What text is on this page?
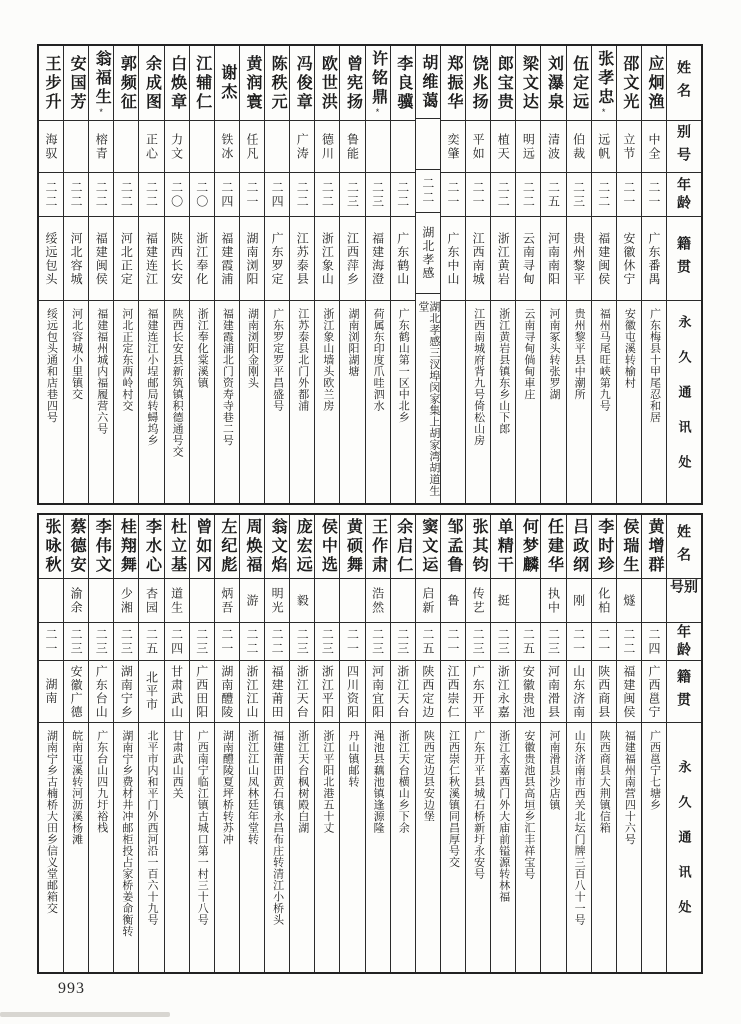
姓名
别号
年龄
籍贯
永久通讯处
应炯渔
中全
二一
广东番禺
广东梅县十甲尾忍和居
邵文光
立节
二一
安徽休宁
安徽屯溪转榆村
张孝忠*
远帆
二二
福建闽侯
福州马尾旺峡第九号
伍定远
伯裁
二三
贵州黎平
贵州黎平县中潮所
刘瀑泉
清波
二五
河南南阳
河南冢头转张罗湖
梁文达
明远
二二
云南寻甸
云南寻甸倘甸車庄
郎宝贵
植天
二二
浙江黄岩
浙江黄岩县镇东乡山下郎
饶兆扬
平如
二一
江西南城
江西南城府背九号倚松山房
郑振华
奕肇
二一
广东中山
胡维蔼
二二
湖北孝感
湖北孝感三汊埠闵家集上胡家湾胡道生堂
李良骥
二二
广东鹤山
广东鹤山第一区中北乡
许铭鼎*
二三
福建海澄
荷属东印度爪哇泗水
曾宪扬
鲁能
二三
江西萍乡
湖南浏阳湖塘
欧世洪
德川
二二
浙江象山
浙江象山墙头欧兰房
冯俊章
广涛
二二
江苏泰县
江苏泰县北门外都浦
陈秩元
二四
广东罗定
广东罗定罗平昌盛号
黄润寰
任凡
二一
湖南浏阳
湖南浏阳金刚头
谢杰
铁冰
二四
福建霞浦
福建霞浦北门资寿寺巷二号
江辅仁
二〇
浙江奉化
浙江奉化棠溪镇
白焕章
力文
二〇
陕西长安
陕西长安县新筑镇积德通号交
余成图
正心
二二
福建连江
福建连江小埕邮局转蟳坞乡
郭频征
二二
河北正定
河北正定东两岭村交
翁福生*
榕青
二二
福建闽侯
福建福州城内福履营六号
安国芳
二二
河北容城
河北容城小里镇交
王步升
海驭
二二
绥远包头
绥远包头通和店巷四号
姓名
别号
年龄
籍贯
永久通讯处
黄增群
二四
广西邕宁
广西邕宁七塘乡
侯瑞生
燧
二二
福建闽侯
福建福州南营四十六号
李时珍
化柏
二一
陕西商县
陕西商县大荆镇信箱
吕政纲
刚
二一
山东济南
山东济南市西关北坛门牌三百八十一号
任建华
执中
二三
河南滑县
河南滑县沙店镇
何梦麟
二五
安徽贵池
安徽贵池县高垣乡汇丰祥宝号
单精干
挺
二三
浙江永嘉
浙江永嘉西门外大庙前镒源转林福
张其钧
传艺
二三
广东开平
广东开平县城石桥新圩永安号
邹孟鲁
鲁
二一
江西崇仁
江西崇仁秋溪镇同昌厚号交
窦文运
启新
二五
陕西定边
陕西定边县安边堡
余启仁
二三
浙江天台
浙江天台横山乡下余
王作肃
浩然
二三
河南宜阳
渑池县藕池镇逢源隆
黄硕舞
二一
四川资阳
丹山镇邮转
侯中选
二三
浙江平阳
浙江平阳北港五十丈
庞宏远
毅
二三
浙江天台
浙江天台枫树殿白湖
翁文焰
明光
二二
福建莆田
福建莆田黄石镇永昌布庄转清江小桥头
周焕福
游
二二
浙江江山
浙江江山凤林廷年堂转
左纪彪
炳吾
二一
湖南醴陵
湖南醴陵夏坪桥转苏冲
曾如冈
二三
广西田阳
广西南宁临江镇古城口第一村三十八号
杜立基
道生
二四
甘肃武山
甘肃武山西关
李水心
杏园
二五
北平市
北平市内和平门外西河沿一百六十九号
桂翔舞
少湘
二三
湖南宁乡
湖南宁乡费材井冲邮柜投占家桥姜命衡转
李伟文
二三
广东台山
广东台山四九圩裕栈
蔡德安
渝余
二三
安徽广德
皖南屯溪转河沥溪杨滩
张咏秋
二一
湖南
湖南宁乡古楠桥大田乡信义堂邮箱交
993
